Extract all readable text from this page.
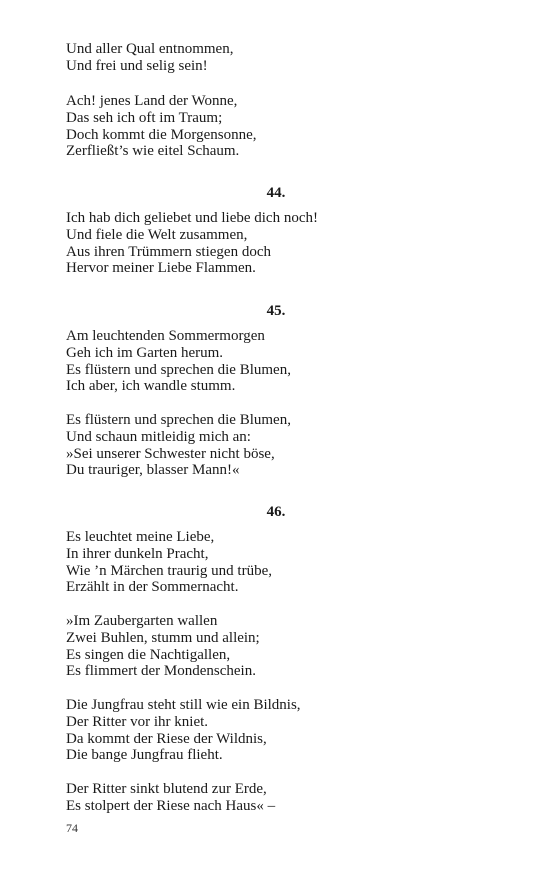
Und aller Qual entnommen,
Und frei und selig sein!
Ach! jenes Land der Wonne,
Das seh ich oft im Traum;
Doch kommt die Morgensonne,
Zerfließt’s wie eitel Schaum.
44.
Ich hab dich geliebet und liebe dich noch!
Und fiele die Welt zusammen,
Aus ihren Trümmern stiegen doch
Hervor meiner Liebe Flammen.
45.
Am leuchtenden Sommermorgen
Geh ich im Garten herum.
Es flüstern und sprechen die Blumen,
Ich aber, ich wandle stumm.
Es flüstern und sprechen die Blumen,
Und schaun mitleidig mich an:
»Sei unserer Schwester nicht böse,
Du trauriger, blasser Mann!«
46.
Es leuchtet meine Liebe,
In ihrer dunkeln Pracht,
Wie ’n Märchen traurig und trübe,
Erzählt in der Sommernacht.
»Im Zaubergarten wallen
Zwei Buhlen, stumm und allein;
Es singen die Nachtigallen,
Es flimmert der Mondenschein.
Die Jungfrau steht still wie ein Bildnis,
Der Ritter vor ihr kniet.
Da kommt der Riese der Wildnis,
Die bange Jungfrau flieht.
Der Ritter sinkt blutend zur Erde,
Es stolpert der Riese nach Haus« –
74
